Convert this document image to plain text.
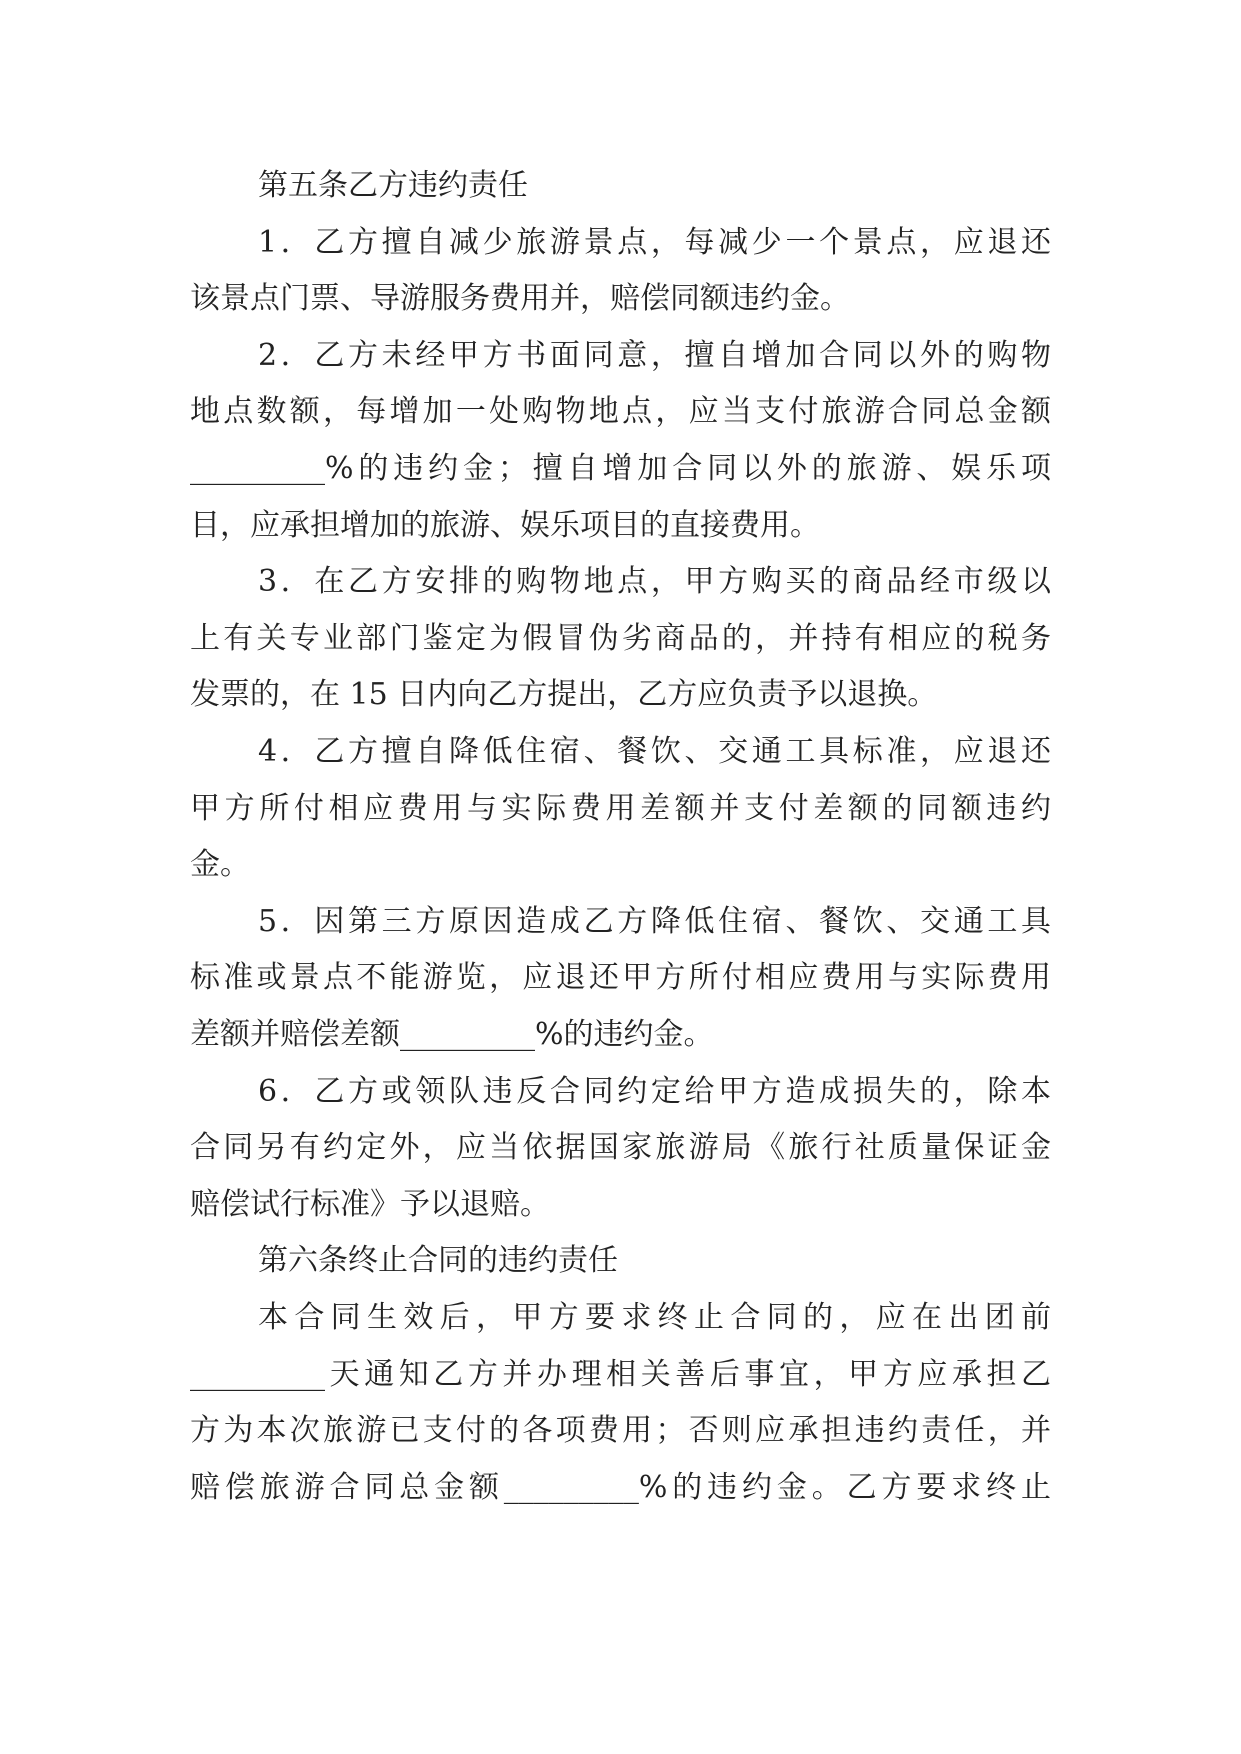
第五条乙方违约责任
1．乙方擅自减少旅游景点，每减少一个景点，应退还
该景点门票、导游服务费用并，赔偿同额违约金。
2．乙方未经甲方书面同意，擅自增加合同以外的购物
地点数额，每增加一处购物地点，应当支付旅游合同总金额
_________%的违约金；擅自增加合同以外的旅游、娱乐项
目，应承担增加的旅游、娱乐项目的直接费用。
3．在乙方安排的购物地点，甲方购买的商品经市级以
上有关专业部门鉴定为假冒伪劣商品的，并持有相应的税务
发票的，在 15 日内向乙方提出，乙方应负责予以退换。
4．乙方擅自降低住宿、餐饮、交通工具标准，应退还
甲方所付相应费用与实际费用差额并支付差额的同额违约
金。
5．因第三方原因造成乙方降低住宿、餐饮、交通工具
标准或景点不能游览，应退还甲方所付相应费用与实际费用
差额并赔偿差额_________%的违约金。
6．乙方或领队违反合同约定给甲方造成损失的，除本
合同另有约定外，应当依据国家旅游局《旅行社质量保证金
赔偿试行标准》予以退赔。
第六条终止合同的违约责任
本合同生效后，甲方要求终止合同的，应在出团前
_________天通知乙方并办理相关善后事宜，甲方应承担乙
方为本次旅游已支付的各项费用；否则应承担违约责任，并
赔偿旅游合同总金额_________%的违约金。乙方要求终止
